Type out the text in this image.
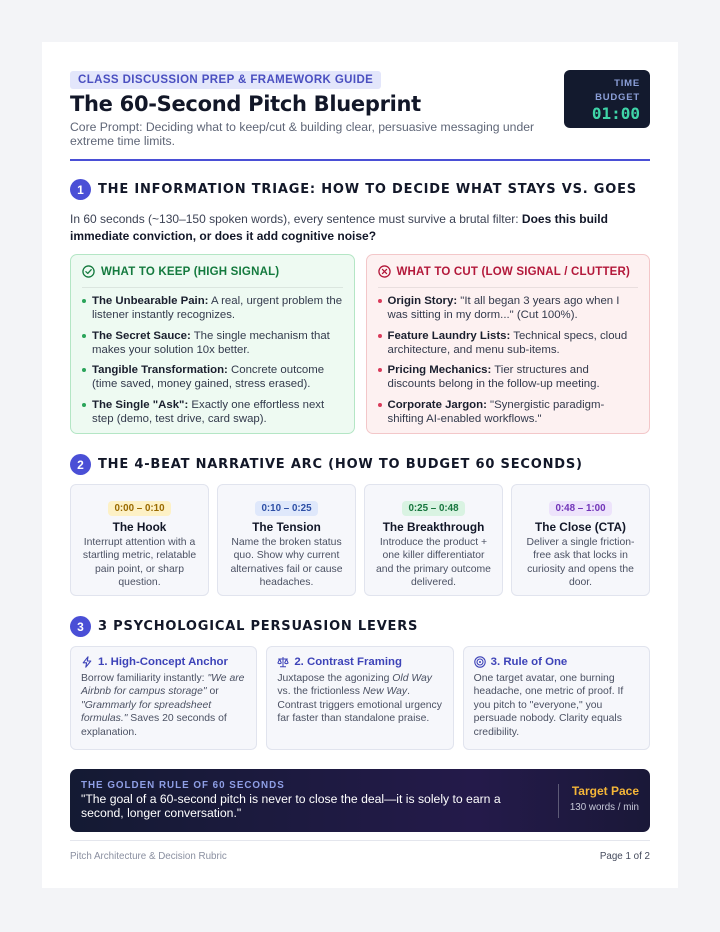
CLASS DISCUSSION PREP & FRAMEWORK GUIDE
The 60-Second Pitch Blueprint
Core Prompt: Deciding what to keep/cut & building clear, persuasive messaging under extreme time limits.
TIME
BUDGET
01:00
1	THE INFORMATION TRIAGE: HOW TO DECIDE WHAT STAYS VS. GOES
In 60 seconds (~130–150 spoken words), every sentence must survive a brutal filter: Does this build immediate conviction, or does it add cognitive noise?
WHAT TO KEEP (HIGH SIGNAL)
The Unbearable Pain: A real, urgent problem the listener instantly recognizes.
The Secret Sauce: The single mechanism that makes your solution 10x better.
Tangible Transformation: Concrete outcome (time saved, money gained, stress erased).
The Single "Ask": Exactly one effortless next step (demo, test drive, card swap).
WHAT TO CUT (LOW SIGNAL / CLUTTER)
Origin Story: "It all began 3 years ago when I was sitting in my dorm..." (Cut 100%).
Feature Laundry Lists: Technical specs, cloud architecture, and menu sub-items.
Pricing Mechanics: Tier structures and discounts belong in the follow-up meeting.
Corporate Jargon: "Synergistic paradigm-shifting AI-enabled workflows."
2	THE 4-BEAT NARRATIVE ARC (HOW TO BUDGET 60 SECONDS)
0:00 – 0:10
The Hook
Interrupt attention with a startling metric, relatable pain point, or sharp question.
0:10 – 0:25
The Tension
Name the broken status quo. Show why current alternatives fail or cause headaches.
0:25 – 0:48
The Breakthrough
Introduce the product + one killer differentiator and the primary outcome delivered.
0:48 – 1:00
The Close (CTA)
Deliver a single friction-free ask that locks in curiosity and opens the door.
3	3 PSYCHOLOGICAL PERSUASION LEVERS
1. High-Concept Anchor
Borrow familiarity instantly: "We are Airbnb for campus storage" or "Grammarly for spreadsheet formulas." Saves 20 seconds of explanation.
2. Contrast Framing
Juxtapose the agonizing Old Way vs. the frictionless New Way. Contrast triggers emotional urgency far faster than standalone praise.
3. Rule of One
One target avatar, one burning headache, one metric of proof. If you pitch to "everyone," you persuade nobody. Clarity equals credibility.
THE GOLDEN RULE OF 60 SECONDS
"The goal of a 60-second pitch is never to close the deal—it is solely to earn a second, longer conversation."
Target Pace
130 words / min
Pitch Architecture & Decision Rubric	Page 1 of 2
